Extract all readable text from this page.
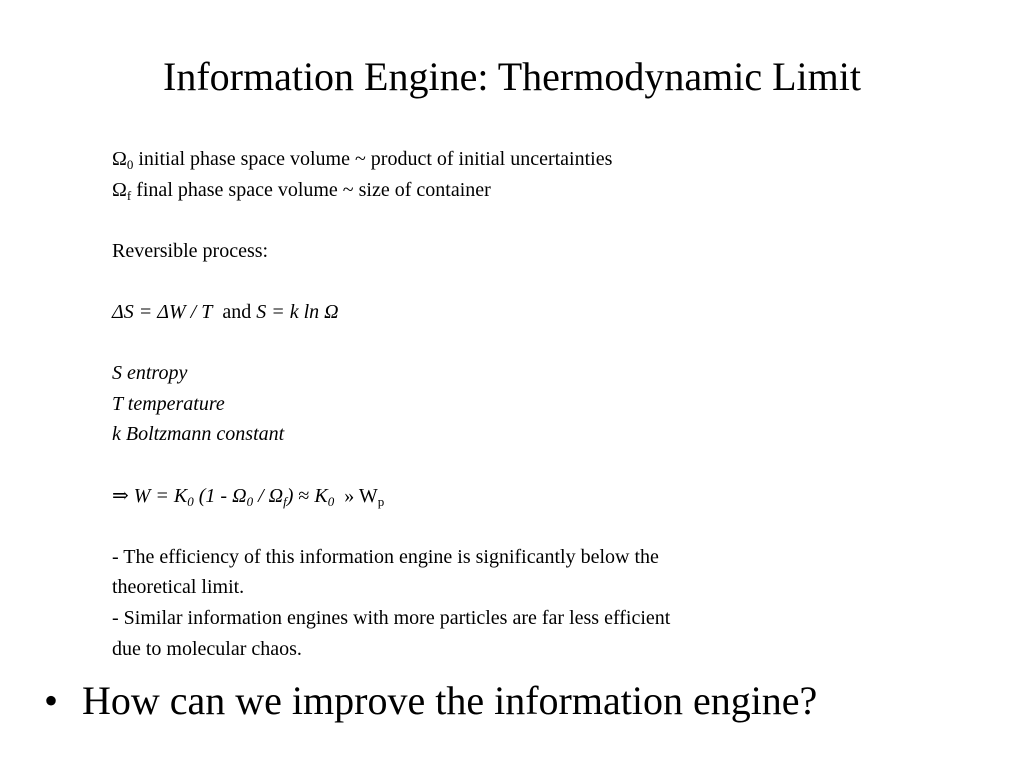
Information Engine: Thermodynamic Limit
$\Omega_0$ initial phase space volume ~ product of initial uncertainties
$\Omega_f$ final phase space volume ~ size of container
Reversible process:
ΔS = ΔW / T and S = k ln Ω
S entropy
T temperature
k Boltzmann constant
⇒ $W = K_0$ $(1 - \Omega_0 / \Omega_f) \approx K_0$ » $W_p$
- The efficiency of this information engine is significantly below the
theoretical limit.
- Similar information engines with more particles are far less efficient
due to molecular chaos.
• How can we improve the information engine?
